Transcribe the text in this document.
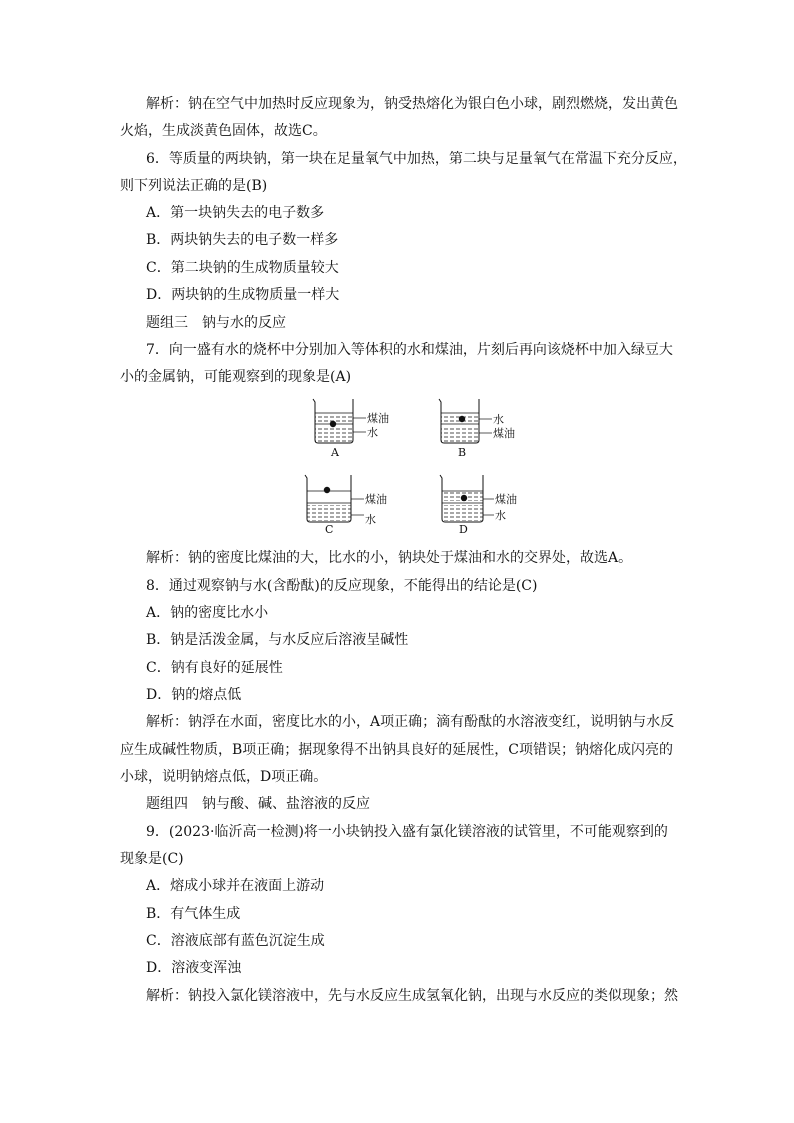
解析：钠在空气中加热时反应现象为，钠受热熔化为银白色小球，剧烈燃烧，发出黄色

火焰，生成淡黄色固体，故选C。

6．等质量的两块钠，第一块在足量氧气中加热，第二块与足量氧气在常温下充分反应，

则下列说法正确的是(B)

A．第一块钠失去的电子数多

B．两块钠失去的电子数一样多

C．第二块钠的生成物质量较大

D．两块钠的生成物质量一样大

题组三　钠与水的反应

7．向一盛有水的烧杯中分别加入等体积的水和煤油，片刻后再向该烧杯中加入绿豆大

小的金属钠，可能观察到的现象是(A)

煤油
水
A
水
煤油
B
煤油
水
C
煤油
水
D

解析：钠的密度比煤油的大，比水的小，钠块处于煤油和水的交界处，故选A。

8．通过观察钠与水(含酚酞)的反应现象，不能得出的结论是(C)

A．钠的密度比水小

B．钠是活泼金属，与水反应后溶液呈碱性

C．钠有良好的延展性

D．钠的熔点低

解析：钠浮在水面，密度比水的小，A项正确；滴有酚酞的水溶液变红，说明钠与水反

应生成碱性物质，B项正确；据现象得不出钠具良好的延展性，C项错误；钠熔化成闪亮的

小球，说明钠熔点低，D项正确。

题组四　钠与酸、碱、盐溶液的反应

9．(2023·临沂高一检测)将一小块钠投入盛有氯化镁溶液的试管里，不可能观察到的

现象是(C)

A．熔成小球并在液面上游动

B．有气体生成

C．溶液底部有蓝色沉淀生成

D．溶液变浑浊

解析：钠投入氯化镁溶液中，先与水反应生成氢氧化钠，出现与水反应的类似现象；然
